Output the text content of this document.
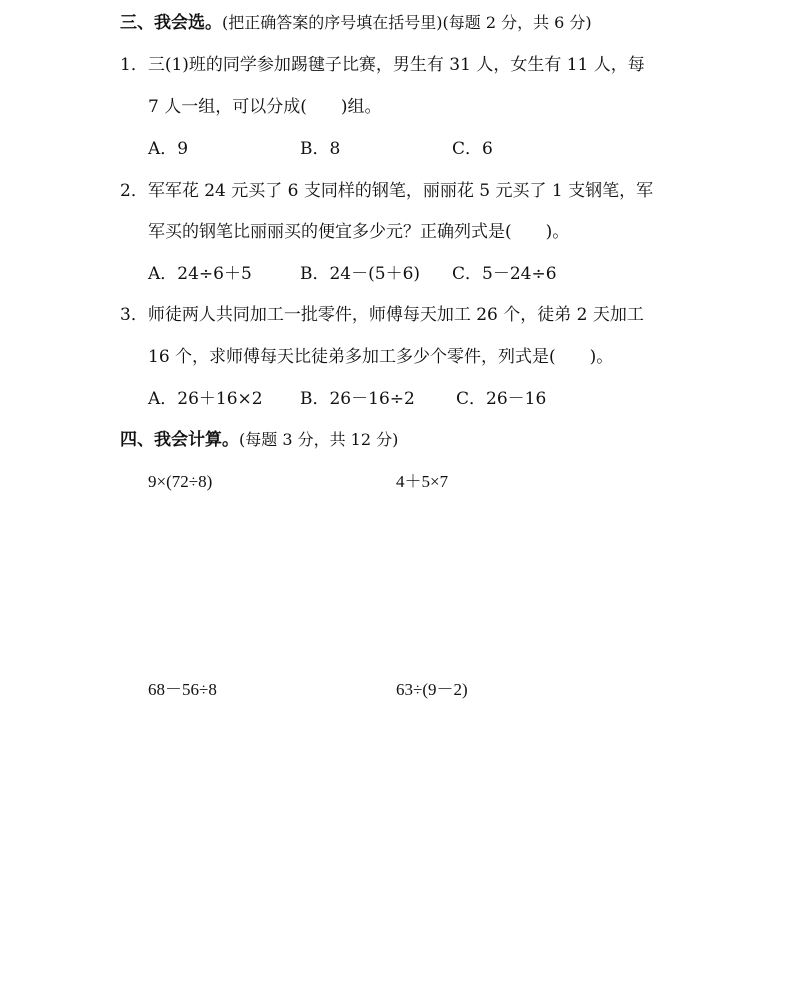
三、我会选。(把正确答案的序号填在括号里)(每题 2 分，共 6 分)
1．三(1)班的同学参加踢毽子比赛，男生有 31 人，女生有 11 人，每
7 人一组，可以分成(　　)组。
A．9	B．8	C．6
2．军军花 24 元买了 6 支同样的钢笔，丽丽花 5 元买了 1 支钢笔，军
军买的钢笔比丽丽买的便宜多少元？正确列式是(　　)。
A．24÷6＋5	B．24－(5＋6) C．5－24÷6
3．师徒两人共同加工一批零件，师傅每天加工 26 个，徒弟 2 天加工
16 个，求师傅每天比徒弟多加工多少个零件，列式是(　　)。
A．26＋16×2 B．26－16÷2 C．26－16
四、我会计算。(每题 3 分，共 12 分)
9×(72÷8)	4＋5×7
68－56÷8	63÷(9－2)
